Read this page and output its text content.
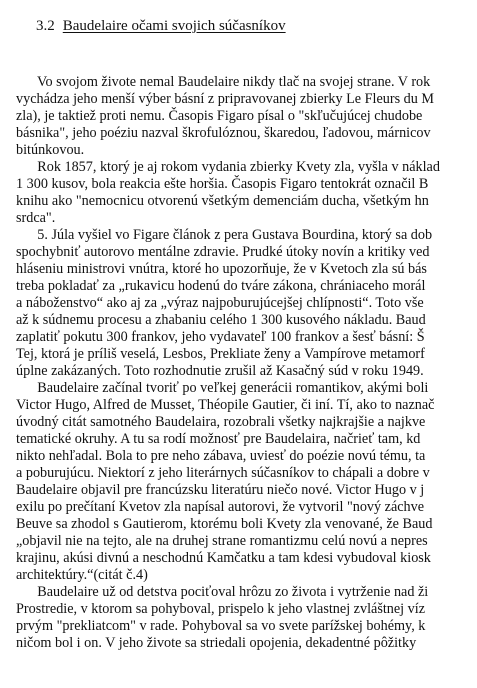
3.2 Baudelaire očami svojich súčasníkov
Vo svojom živote nemal Baudelaire nikdy tlač na svojej strane. V rok
vychádza jeho menší výber básní z pripravovanej zbierky Le Fleurs du M
zla), je taktiež proti nemu. Časopis Figaro písal o "skľučujúcej chudobe
básnika", jeho poéziu nazval škrofulóznou, škaredou, ľadovou, márnicov
bitúnkovou.
Rok 1857, ktorý je aj rokom vydania zbierky Kvety zla, vyšla v náklad
1 300 kusov, bola reakcia ešte horšia. Časopis Figaro tentokrát označil B
knihu ako "nemocnicu otvorenú všetkým demenciám ducha, všetkým hn
srdca".
5. Júla vyšiel vo Figare článok z pera Gustava Bourdina, ktorý sa dob
spochybniť autorovo mentálne zdravie. Prudké útoky novín a kritiky ved
hláseniu ministrovi vnútra, ktoré ho upozorňuje, že v Kvetoch zla sú bás
treba pokladať za „rukavicu hodenú do tváre zákona, chrániaceho morál
a náboženstvo“ ako aj za „výraz najpoburujúcejšej chlípnosti“. Toto vše
až k súdnemu procesu a zhabaniu celého 1 300 kusového nákladu. Baud
zaplatiť pokutu 300 frankov, jeho vydavateľ 100 frankov a šesť básní: Š
Tej, ktorá je príliš veselá, Lesbos, Prekliate ženy a Vampírove metamorf
úplne zakázaných. Toto rozhodnutie zrušil až Kasačný súd v roku 1949.
Baudelaire začínal tvoriť po veľkej generácii romantikov, akými boli
Victor Hugo, Alfred de Musset, Théopile Gautier, či iní. Tí, ako to naznač
úvodný citát samotného Baudelaira, rozobrali všetky najkrajšie a najkve
tematické okruhy. A tu sa rodí možnosť pre Baudelaira, načrieť tam, kd
nikto nehľadal. Bola to pre neho zábava, uviesť do poézie novú tému, ta
a poburujúcu. Niektorí z jeho literárnych súčasníkov to chápali a dobre v
Baudelaire objavil pre francúzsku literatúru niečo nové. Victor Hugo v j
exilu po prečítaní Kvetov zla napísal autorovi, že vytvoril "nový záchve
Beuve sa zhodol s Gautierom, ktorému boli Kvety zla venované, že Baud
„objavil nie na tejto, ale na druhej strane romantizmu celú novú a nepres
krajinu, akúsi divnú a neschodnú Kamčatku a tam kdesi vybudoval kiosk
architektúry.“(citát č.4)
Baudelaire už od detstva pociťoval hrôzu zo života i vytrženie nad ži
Prostredie, v ktorom sa pohyboval, prispelo k jeho vlastnej zvláštnej víz
prvým "prekliatcom" v rade. Pohyboval sa vo svete parížskej bohémy, k
ničom bol i on. V jeho živote sa striedali opojenia, dekadentné pôžitky
